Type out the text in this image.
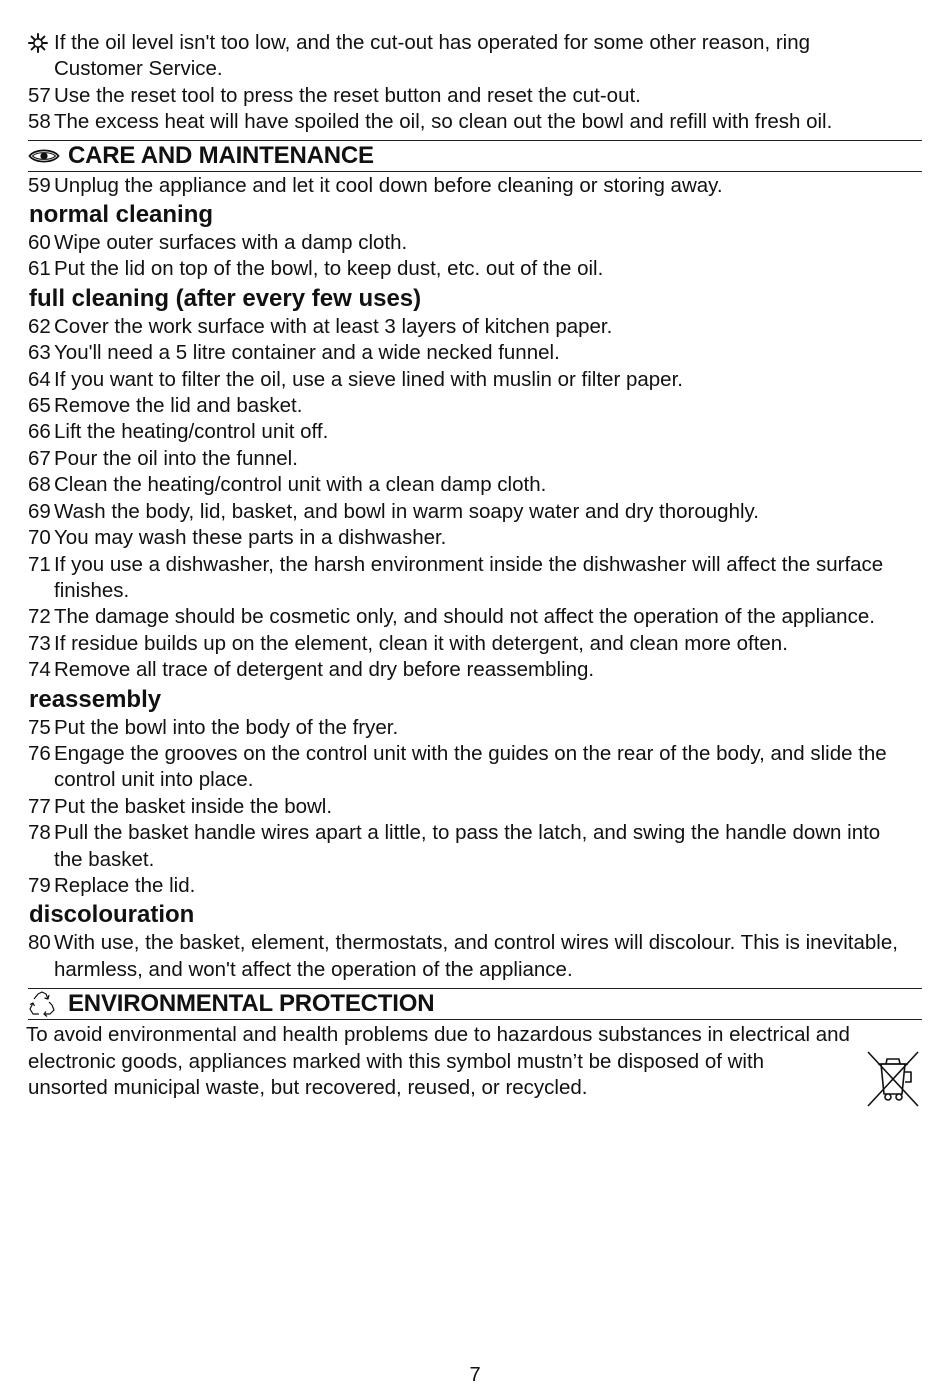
If the oil level isn't too low, and the cut-out has operated for some other reason, ring
Customer Service.
57 Use the reset tool to press the reset button and reset the cut-out.
58 The excess heat will have spoiled the oil, so clean out the bowl and refill with fresh oil.
CARE AND MAINTENANCE
59 Unplug the appliance and let it cool down before cleaning or storing away.
normal cleaning
60 Wipe outer surfaces with a damp cloth.
61 Put the lid on top of the bowl, to keep dust, etc. out of the oil.
full cleaning (after every few uses)
62 Cover the work surface with at least 3 layers of kitchen paper.
63 You'll need a 5 litre container and a wide necked funnel.
64 If you want to filter the oil, use a sieve lined with muslin or filter paper.
65 Remove the lid and basket.
66 Lift the heating/control unit off.
67 Pour the oil into the funnel.
68 Clean the heating/control unit with a clean damp cloth.
69 Wash the body, lid, basket, and bowl in warm soapy water and dry thoroughly.
70 You may wash these parts in a dishwasher.
71 If you use a dishwasher, the harsh environment inside the dishwasher will affect the surface
finishes.
72 The damage should be cosmetic only, and should not affect the operation of the appliance.
73 If residue builds up on the element, clean it with detergent, and clean more often.
74 Remove all trace of detergent and dry before reassembling.
reassembly
75 Put the bowl into the body of the fryer.
76 Engage the grooves on the control unit with the guides on the rear of the body, and slide the
control unit into place.
77 Put the basket inside the bowl.
78 Pull the basket handle wires apart a little, to pass the latch, and swing the handle down into
the basket.
79 Replace the lid.
discolouration
80 With use, the basket, element, thermostats, and control wires will discolour. This is inevitable,
harmless, and won't affect the operation of the appliance.
ENVIRONMENTAL PROTECTION
To avoid environmental and health problems due to hazardous substances in electrical and
electronic goods, appliances marked with this symbol mustn’t be disposed of with
unsorted municipal waste, but recovered, reused, or recycled.
7
